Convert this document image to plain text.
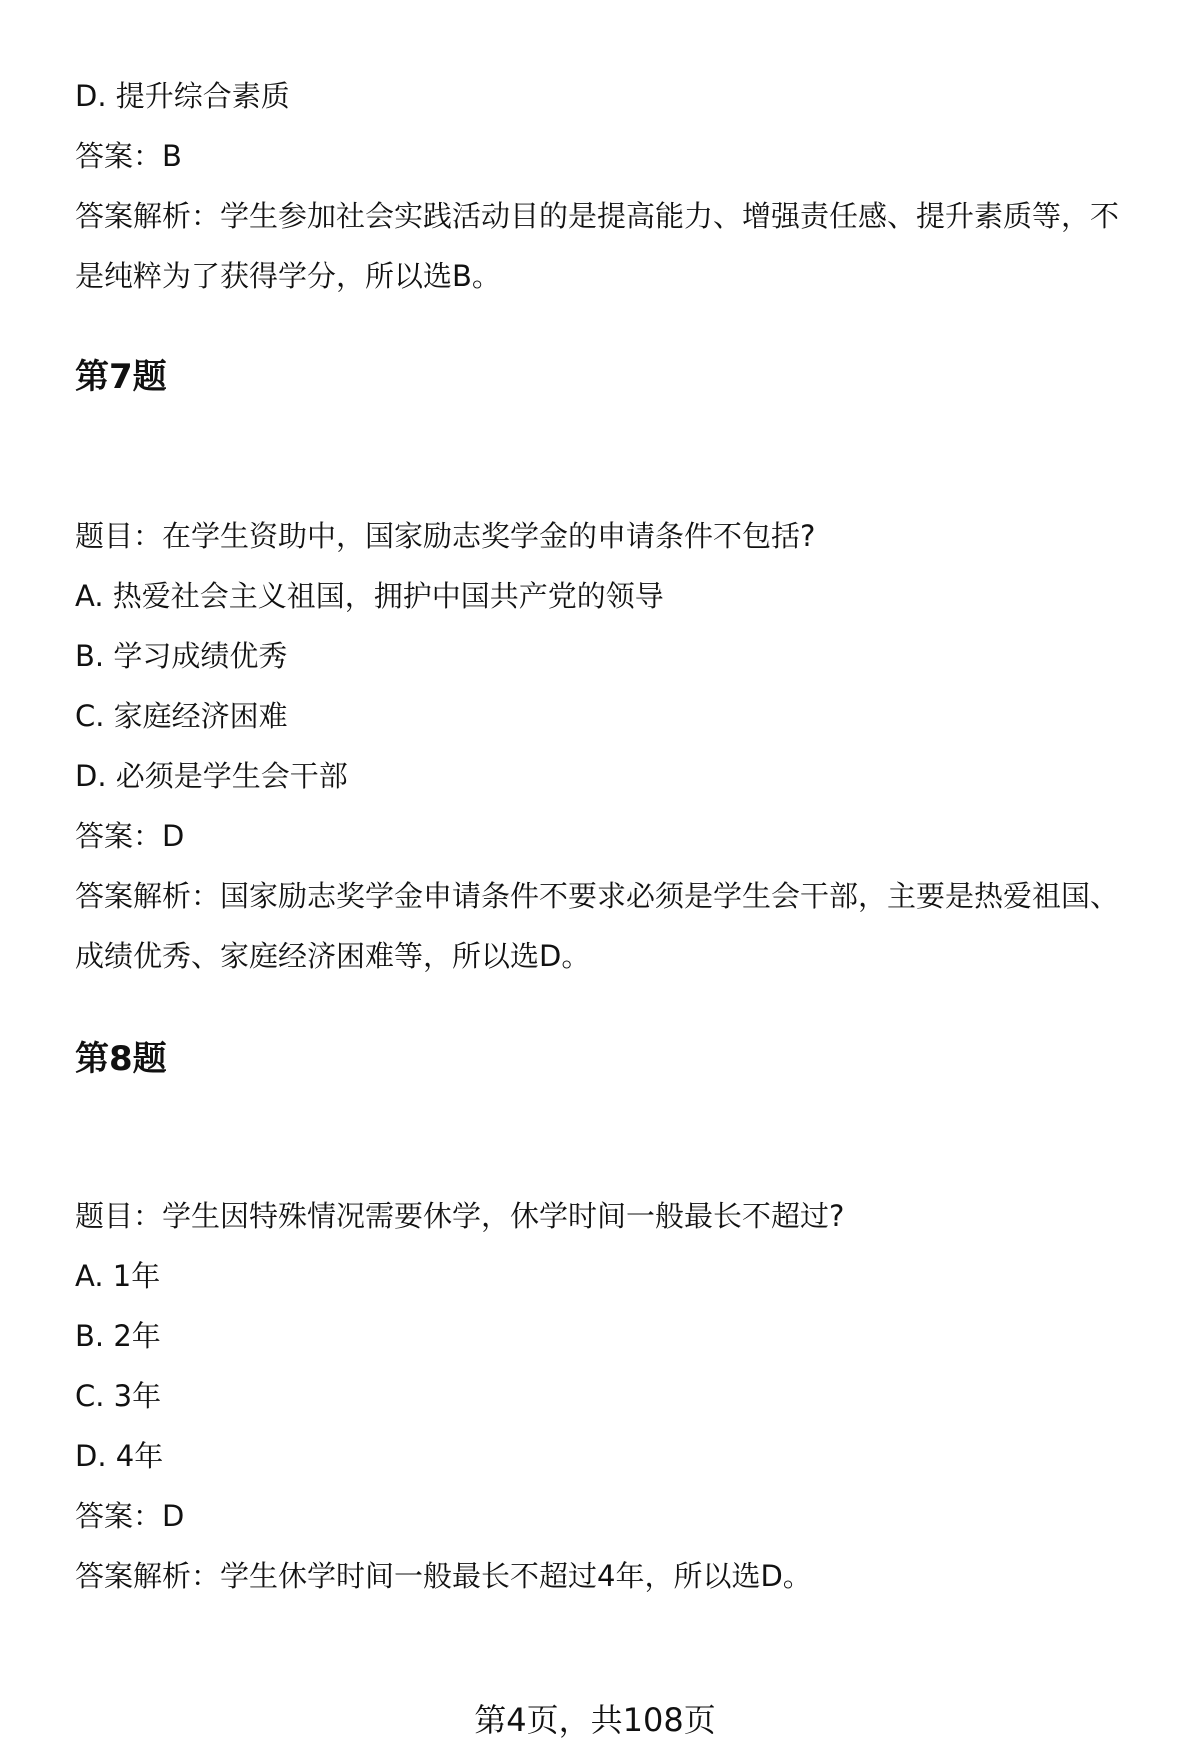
D. 提升综合素质

答案：B

答案解析：学生参加社会实践活动目的是提高能力、增强责任感、提升素质等，不

是纯粹为了获得学分，所以选B。

第7题

题目：在学生资助中，国家励志奖学金的申请条件不包括?

A. 热爱社会主义祖国，拥护中国共产党的领导

B. 学习成绩优秀

C. 家庭经济困难

D. 必须是学生会干部

答案：D

答案解析：国家励志奖学金申请条件不要求必须是学生会干部，主要是热爱祖国、

成绩优秀、家庭经济困难等，所以选D。

第8题

题目：学生因特殊情况需要休学，休学时间一般最长不超过?

A. 1年

B. 2年

C. 3年

D. 4年

答案：D

答案解析：学生休学时间一般最长不超过4年，所以选D。

第4页，共108页
